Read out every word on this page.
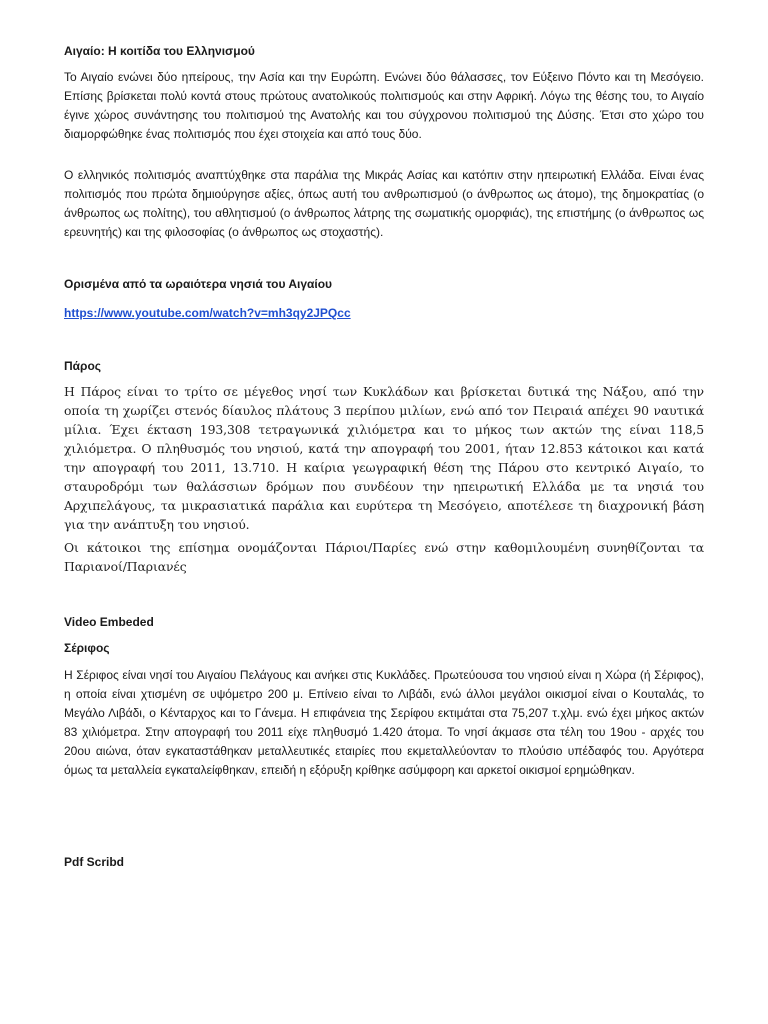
Αιγαίο: Η κοιτίδα του Ελληνισμού

Το Αιγαίο ενώνει δύο ηπείρους, την Ασία και την Ευρώπη. Ενώνει δύο θάλασσες, τον Εύξεινο Πόντο και τη Μεσόγειο. Επίσης βρίσκεται πολύ κοντά στους πρώτους ανατολικούς πολιτισμούς και στην Αφρική. Λόγω της θέσης του, το Αιγαίο έγινε χώρος συνάντησης του πολιτισμού της Ανατολής και του σύγχρονου πολιτισμού της Δύσης. Έτσι στο χώρο του διαμορφώθηκε ένας πολιτισμός που έχει στοιχεία και από τους δύο.

Ο ελληνικός πολιτισμός αναπτύχθηκε στα παράλια της Μικράς Ασίας και κατόπιν στην ηπειρωτική Ελλάδα. Είναι ένας πολιτισμός που πρώτα δημιούργησε αξίες, όπως αυτή του ανθρωπισμού (ο άνθρωπος ως άτομο), της δημοκρατίας (ο άνθρωπος ως πολίτης), του αθλητισμού (ο άνθρωπος λάτρης της σωματικής ομορφιάς), της επιστήμης (ο άνθρωπος ως ερευνητής) και της φιλοσοφίας (ο άνθρωπος ως στοχαστής).

Ορισμένα από τα ωραιότερα νησιά του Αιγαίου

https://www.youtube.com/watch?v=mh3qy2JPQcc

Πάρος

Η Πάρος είναι το τρίτο σε μέγεθος νησί των Κυκλάδων και βρίσκεται δυτικά της Νάξου, από την οποία τη χωρίζει στενός δίαυλος πλάτους 3 περίπου μιλίων, ενώ από τον Πειραιά απέχει 90 ναυτικά μίλια. Έχει έκταση 193,308 τετραγωνικά χιλιόμετρα και το μήκος των ακτών της είναι 118,5 χιλιόμετρα. Ο πληθυσμός του νησιού, κατά την απογραφή του 2001, ήταν 12.853 κάτοικοι και κατά την απογραφή του 2011, 13.710. Η καίρια γεωγραφική θέση της Πάρου στο κεντρικό Αιγαίο, το σταυροδρόμι των θαλάσσιων δρόμων που συνδέουν την ηπειρωτική Ελλάδα με τα νησιά του Αρχιπελάγους, τα μικρασιατικά παράλια και ευρύτερα τη Μεσόγειο, αποτέλεσε τη διαχρονική βάση για την ανάπτυξη του νησιού.

Οι κάτοικοι της επίσημα ονομάζονται Πάριοι/Παρίες ενώ στην καθομιλουμένη συνηθίζονται τα Παριανοί/Παριανές

Video Embeded

Σέριφος

Η Σέριφος είναι νησί του Αιγαίου Πελάγους και ανήκει στις Κυκλάδες. Πρωτεύουσα του νησιού είναι η Χώρα (ή Σέριφος), η οποία είναι χτισμένη σε υψόμετρο 200 μ. Επίνειο είναι το Λιβάδι, ενώ άλλοι μεγάλοι οικισμοί είναι ο Κουταλάς, το Μεγάλο Λιβάδι, ο Κένταρχος και το Γάνεμα. Η επιφάνεια της Σερίφου εκτιμάται στα 75,207 τ.χλμ. ενώ έχει μήκος ακτών 83 χιλιόμετρα. Στην απογραφή του 2011 είχε πληθυσμό 1.420 άτομα. Το νησί άκμασε στα τέλη του 19ου - αρχές του 20ου αιώνα, όταν εγκαταστάθηκαν μεταλλευτικές εταιρίες που εκμεταλλεύονταν το πλούσιο υπέδαφός του. Αργότερα όμως τα μεταλλεία εγκαταλείφθηκαν, επειδή η εξόρυξη κρίθηκε ασύμφορη και αρκετοί οικισμοί ερημώθηκαν.

Pdf Scribd
